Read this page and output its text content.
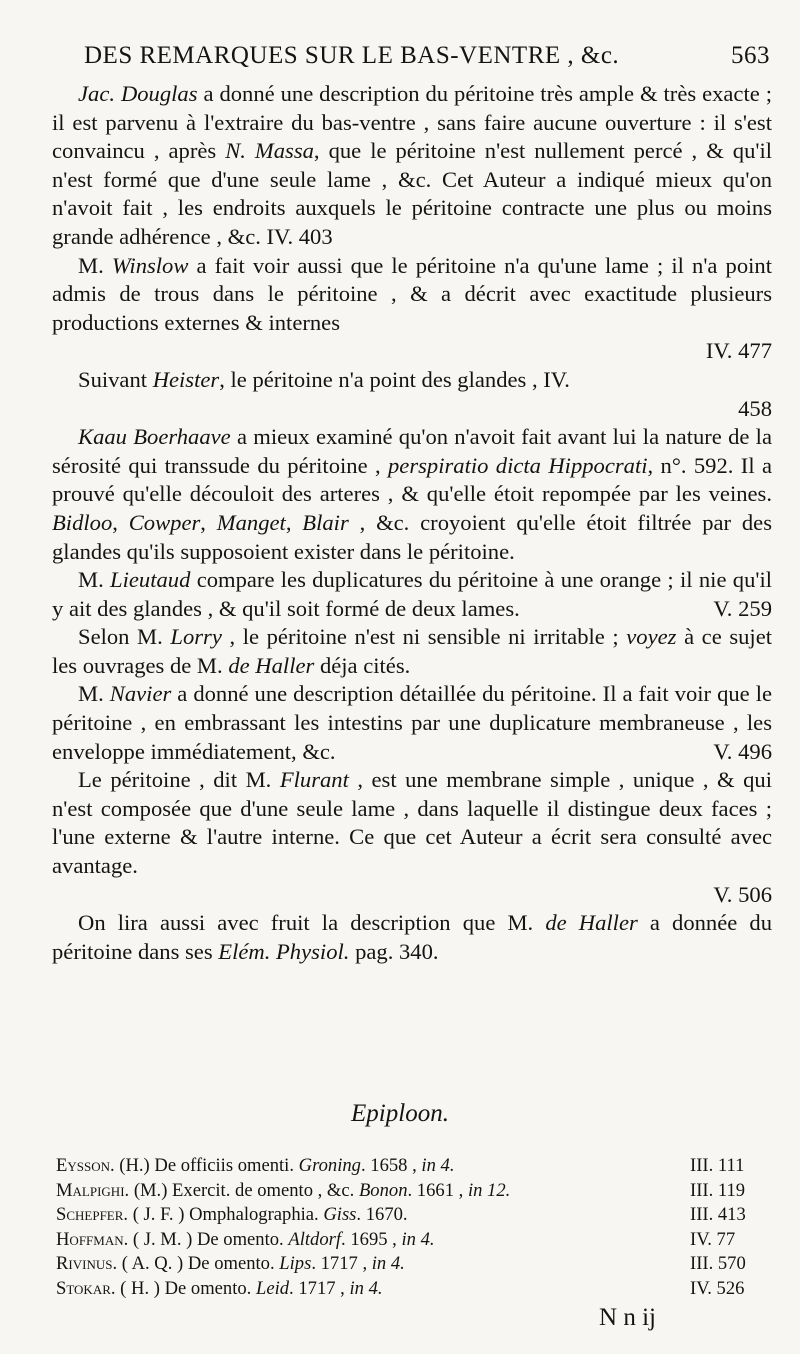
DES REMARQUES SUR LE BAS-VENTRE , &c.	563

Jac. Douglas a donné une description du péritoine très ample & très exacte ; il est parvenu à l'extraire du bas-ventre , sans faire aucune ouverture : il s'est convaincu , après N. Massa, que le péritoine n'est nullement percé , & qu'il n'est formé que d'une seule lame , &c. Cet Auteur a indiqué mieux qu'on n'avoit fait , les endroits auxquels le péritoine contracte une plus ou moins grande adhérence , &c. IV. 403

M. Winslow a fait voir aussi que le péritoine n'a qu'une lame ; il n'a point admis de trous dans le péritoine , & a décrit avec exactitude plusieurs productions externes & internes

IV. 477

Suivant Heister, le péritoine n'a point des glandes , IV.

458

Kaau Boerhaave a mieux examiné qu'on n'avoit fait avant lui la nature de la sérosité qui transsude du péritoine , perspiratio dicta Hippocrati, n°. 592. Il a prouvé qu'elle découloit des arteres , & qu'elle étoit repompée par les veines. Bidloo, Cowper, Manget, Blair , &c. croyoient qu'elle étoit filtrée par des glandes qu'ils supposoient exister dans le péritoine.

M. Lieutaud compare les duplicatures du péritoine à une orange ; il nie qu'il y ait des glandes , & qu'il soit formé de deux lames.	V. 259

Selon M. Lorry , le péritoine n'est ni sensible ni irritable ; voyez à ce sujet les ouvrages de M. de Haller déja cités.

M. Navier a donné une description détaillée du péritoine. Il a fait voir que le péritoine , en embrassant les intestins par une duplicature membraneuse , les enveloppe immédiatement, &c.	V. 496

Le péritoine , dit M. Flurant , est une membrane simple , unique , & qui n'est composée que d'une seule lame , dans laquelle il distingue deux faces ; l'une externe & l'autre interne. Ce que cet Auteur a écrit sera consulté avec avantage.

V. 506

On lira aussi avec fruit la description que M. de Haller a donnée du péritoine dans ses Elém. Physiol. pag. 340.

Epiploon.
Eysson. (H.) De officiis omenti. Groning. 1658 , in 4.	III. 111
Malpighi. (M.) Exercit. de omento , &c. Bonon. 1661 , in 12.	III. 119
Schepfer. ( J. F. ) Omphalographia. Giss. 1670.	III. 413
Hoffman. ( J. M. ) De omento. Altdorf. 1695 , in 4.	IV. 77
Rivinus. ( A. Q. ) De omento. Lips. 1717 , in 4.	III. 570
Stokar. ( H. ) De omento. Leid. 1717 , in 4.	IV. 526
N n ij
